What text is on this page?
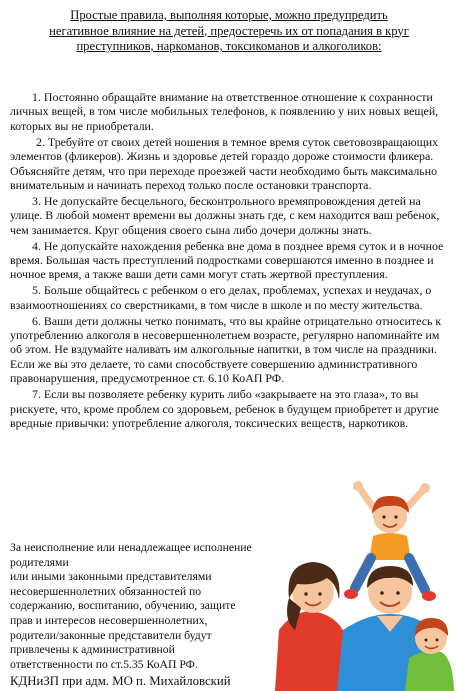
Простые правила, выполняя которые, можно предупредить
негативное влияние на детей, предостеречь их от попадания в круг
преступников, наркоманов, токсикоманов и алкоголиков:

1. Постоянно обращайте внимание на ответственное отношение к сохранности личных вещей, в том числе мобильных телефонов, к появлению у них новых вещей, которых вы не приобретали.

2. Требуйте от своих детей ношения в темное время суток световозвращающих элементов (фликеров). Жизнь и здоровье детей гораздо дороже стоимости фликера. Объясняйте детям, что при переходе проезжей части необходимо быть максимально внимательным и начинать переход только после остановки транспорта.

3. Не допускайте бесцельного, бесконтрольного времяпровождения детей на улице. В любой момент времени вы должны знать где, с кем находится ваш ребенок, чем занимается. Круг общения своего сына либо дочери должны знать.

4. Не допускайте нахождения ребенка вне дома в позднее время суток и в ночное время. Большая часть преступлений подростками совершаются именно в позднее и ночное время, а также ваши дети сами могут стать жертвой преступления.

5. Больше общайтесь с ребенком о его делах, проблемах, успехах и неудачах, о взаимоотношениях со сверстниками, в том числе в школе и по месту жительства.

6. Ваши дети должны четко понимать, что вы крайне отрицательно относитесь к употреблению алкоголя в несовершеннолетнем возрасте, регулярно напоминайте им об этом. Не вздумайте наливать им алкогольные напитки, в том числе на праздники. Если же вы это делаете, то сами способствуете совершению административного правонарушения, предусмотренное ст. 6.10 КоАП РФ.

7. Если вы позволяете ребенку курить либо «закрываете на это глаза», то вы рискуете, что, кроме проблем со здоровьем, ребенок в будущем приобретет и другие вредные привычки: употребление алкоголя, токсических веществ, наркотиков.

За неисполнение или ненадлежащее исполнение родителями
или иными законными представителями
несовершеннолетних обязанностей по
содержанию, воспитанию, обучению, защите
прав и интересов несовершеннолетних,
родители/законные представители будут
привлечены к административной
ответственности по ст.5.35 КоАП РФ.
КДНиЗП при адм. МО п. Михайловский
